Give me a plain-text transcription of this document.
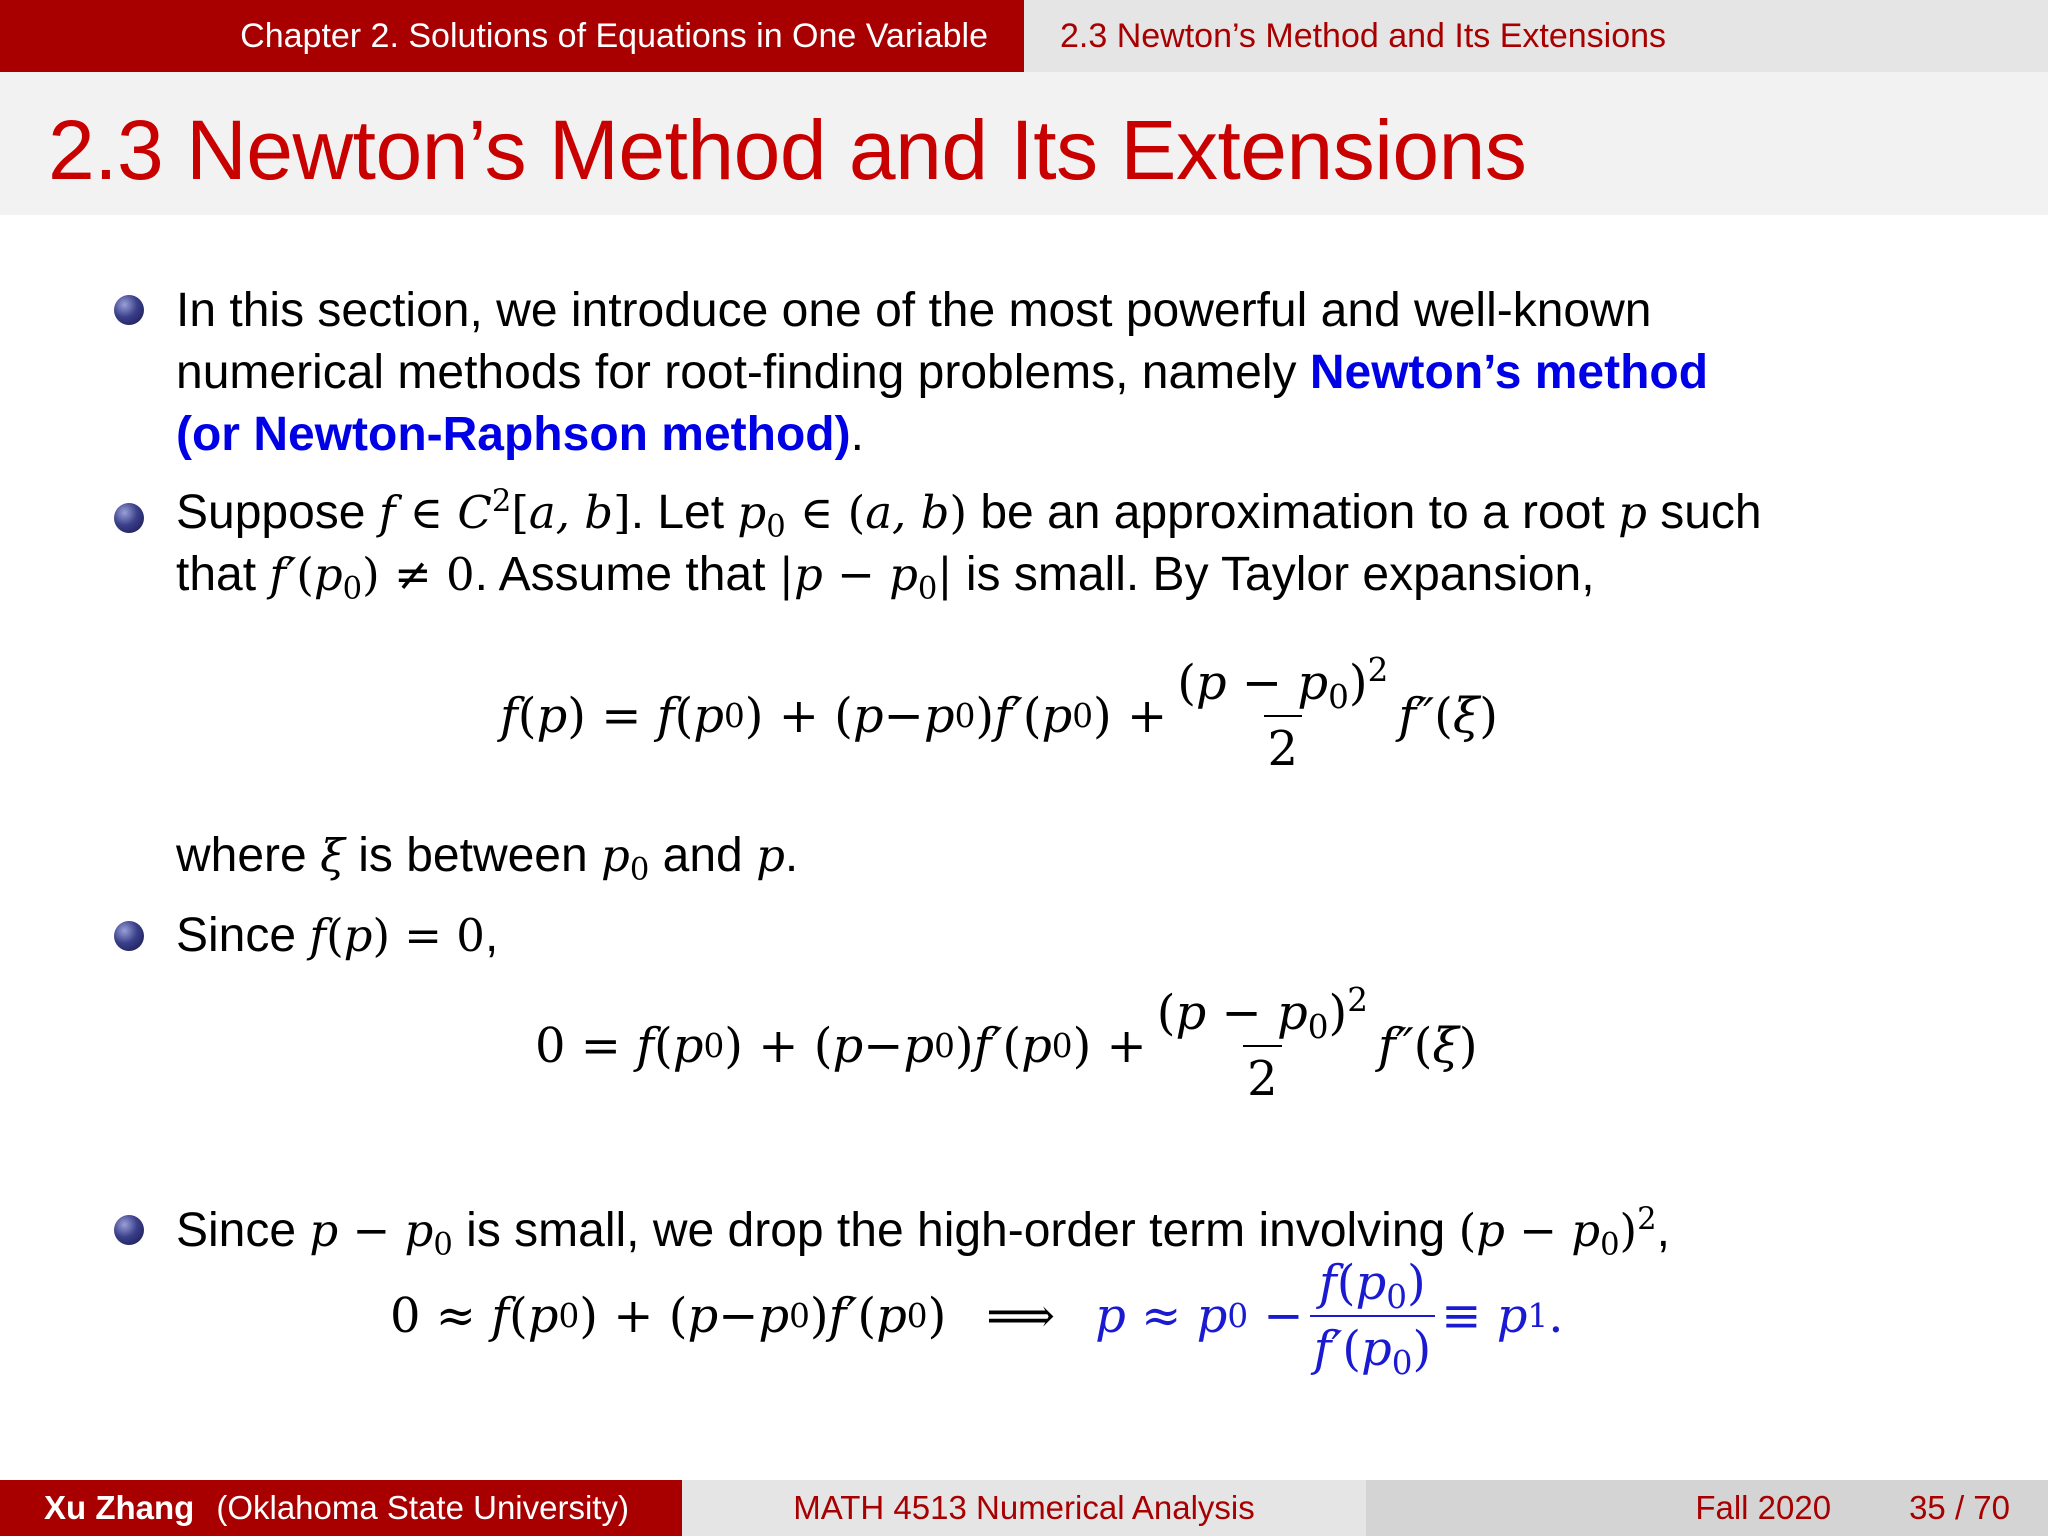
Chapter 2. Solutions of Equations in One Variable	2.3 Newton’s Method and Its Extensions
2.3 Newton’s Method and Its Extensions
In this section, we introduce one of the most powerful and well-known
numerical methods for root-finding problems, namely Newton’s method
(or Newton-Raphson method).
Suppose f ∈ $C^2[a$, b]. Let $p_0$ ∈ (a, b) be an approximation to a root p such
that $f'(p_0) \ne 0$. Assume that $|p - p_0|$ is small. By Taylor expansion,
f ( p ) = f ( p 0 ) + ( p − p 0 ) f′ ( p 0 ) + $\frac{(p - p_0)^2}{2} f''$ ( ξ )
where ξ is between $p_0$ and p.
Since f(p) = 0,
0 = f ( p 0 ) + ( p − p 0 ) f′ ( p 0 ) + $\frac{(p - p_0)^2}{2} f''$ ( ξ )
Since $p - p_0$ is small, we drop the high-order term involving $(p - p_0)^2$,
0 ≈ f ( p 0 ) + ( p − p 0 ) f′ ( p 0 )
⟹ p ≈ p $0 - \frac{f(p_0)}{f'(p_0)} \equiv p$ 1 .
Xu Zhang (Oklahoma State University)	MATH 4513 Numerical Analysis	Fall 2020 35 / 70
